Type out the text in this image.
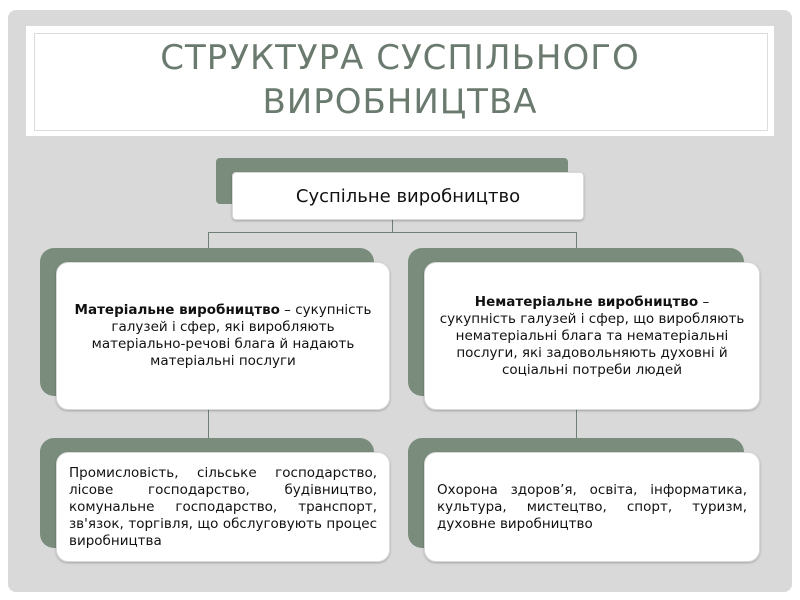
СТРУКТУРА СУСПІЛЬНОГО
ВИРОБНИЦТВА
Суспільне виробництво
Матеріальне виробництво – сукупність галузей і сфер, які виробляють матеріально-речові блага й надають матеріальні послуги
Нематеріальне виробництво – сукупність галузей і сфер, що виробляють нематеріальні блага та нематеріальні послуги, які задовольняють духовні й соціальні потреби людей
Промисловість, сільське господарство, лісове господарство, будівництво, комунальне господарство, транспорт, зв'язок, торгівля, що обслуговують процес виробництва
Охорона здоров’я, освіта, інформатика, культура, мистецтво, спорт, туризм, духовне виробництво
